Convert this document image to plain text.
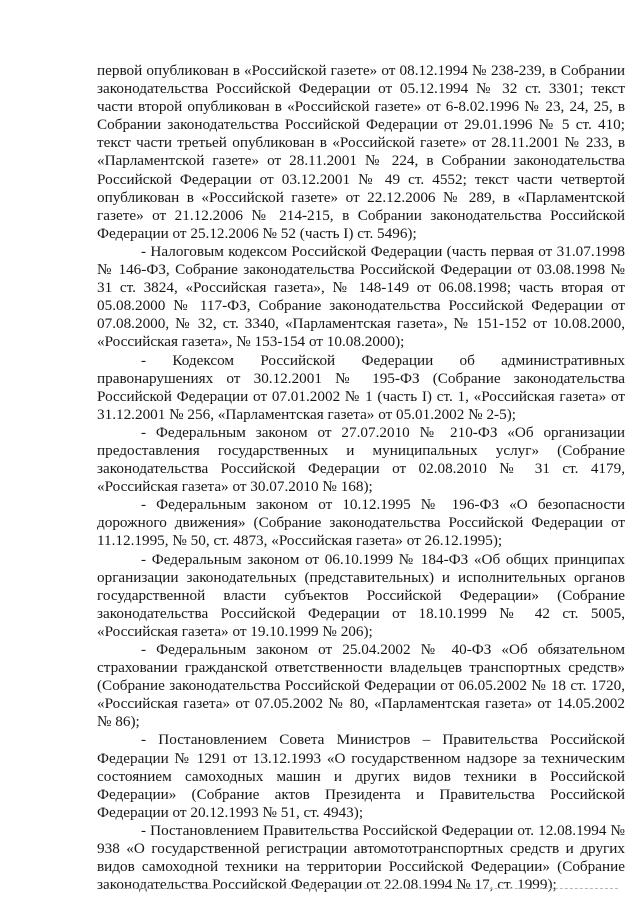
первой опубликован в «Российской газете» от 08.12.1994 № 238-239, в Собрании законодательства Российской Федерации от 05.12.1994 № 32 ст. 3301; текст части второй опубликован в «Российской газете» от 6-8.02.1996 № 23, 24, 25, в Собрании законодательства Российской Федерации от 29.01.1996 № 5 ст. 410; текст части третьей опубликован в «Российской газете» от 28.11.2001 № 233, в «Парламентской газете» от 28.11.2001 № 224, в Собрании законодательства Российской Федерации от 03.12.2001 № 49 ст. 4552; текст части четвертой опубликован в «Российской газете» от 22.12.2006 № 289, в «Парламентской газете» от 21.12.2006 № 214-215, в Собрании законодательства Российской Федерации от 25.12.2006 № 52 (часть I) ст. 5496);

- Налоговым кодексом Российской Федерации (часть первая от 31.07.1998 № 146-ФЗ, Собрание законодательства Российской Федерации от 03.08.1998 № 31 ст. 3824, «Российская газета», № 148-149 от 06.08.1998; часть вторая от 05.08.2000 № 117-ФЗ, Собрание законодательства Российской Федерации от 07.08.2000, № 32, ст. 3340, «Парламентская газета», № 151-152 от 10.08.2000, «Российская газета», № 153-154 от 10.08.2000);

- Кодексом Российской Федерации об административных правонарушениях от 30.12.2001 № 195-ФЗ (Собрание законодательства Российской Федерации от 07.01.2002 № 1 (часть I) ст. 1, «Российская газета» от 31.12.2001 № 256, «Парламентская газета» от 05.01.2002 № 2-5);

- Федеральным законом от 27.07.2010 № 210-ФЗ «Об организации предоставления государственных и муниципальных услуг» (Собрание законодательства Российской Федерации от 02.08.2010 № 31 ст. 4179, «Российская газета» от 30.07.2010 № 168);

- Федеральным законом от 10.12.1995 № 196-ФЗ «О безопасности дорожного движения» (Собрание законодательства Российской Федерации от 11.12.1995, № 50, ст. 4873, «Российская газета» от 26.12.1995);

- Федеральным законом от 06.10.1999 № 184-ФЗ «Об общих принципах организации законодательных (представительных) и исполнительных органов государственной власти субъектов Российской Федерации» (Собрание законодательства Российской Федерации от 18.10.1999 № 42 ст. 5005, «Российская газета» от 19.10.1999 № 206);

- Федеральным законом от 25.04.2002 № 40-ФЗ «Об обязательном страховании гражданской ответственности владельцев транспортных средств» (Собрание законодательства Российской Федерации от 06.05.2002 № 18 ст. 1720, «Российская газета» от 07.05.2002 № 80, «Парламентская газета» от 14.05.2002 № 86);

- Постановлением Совета Министров – Правительства Российской Федерации № 1291 от 13.12.1993 «О государственном надзоре за техническим состоянием самоходных машин и других видов техники в Российской Федерации» (Собрание актов Президента и Правительства Российской Федерации от 20.12.1993 № 51, ст. 4943);

- Постановлением Правительства Российской Федерации от. 12.08.1994 № 938 «О государственной регистрации автомототранспортных средств и других видов самоходной техники на территории Российской Федерации» (Собрание законодательства Российской Федерации от 22.08.1994 № 17, ст. 1999);
